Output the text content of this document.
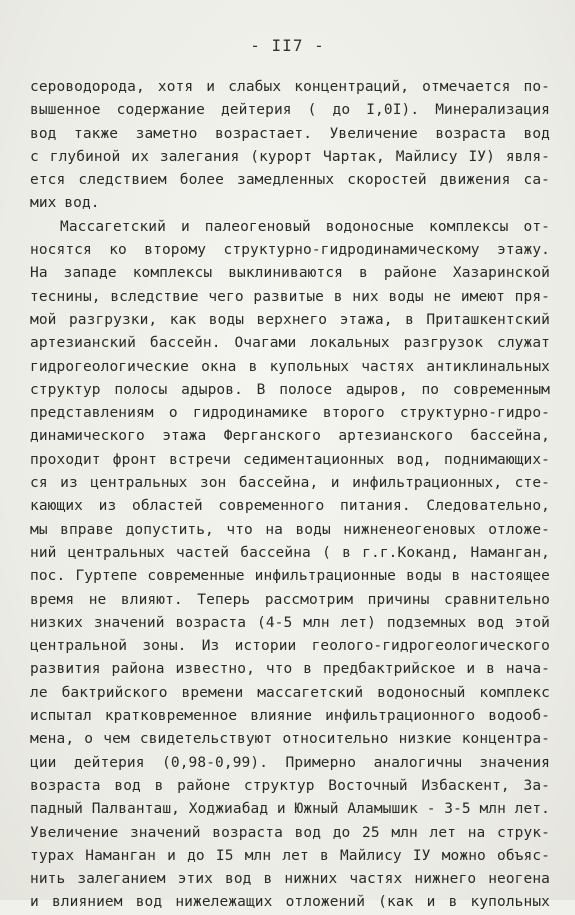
- II7 -
сероводорода, хотя и слабых концентраций, отмечается по-
вышенное содержание дейтерия ( до I,0I). Минерализация
вод также заметно возрастает. Увеличение возраста вод
с глубиной их залегания (курорт Чартак, Майлису IУ) явля-
ется следствием более замедленных скоростей движения са-
мих вод.
Массагетский и палеогеновый водоносные комплексы от-
носятся ко второму структурно-гидродинамическому этажу.
На западе комплексы выклиниваются в районе Хазаринской
теснины, вследствие чего развитые в них воды не имеют пря-
мой разгрузки, как воды верхнего этажа, в Приташкентский
артезианский бассейн. Очагами локальных разгрузок служат
гидрогеологические окна в купольных частях антиклинальных
структур полосы адыров. В полосе адыров, по современным
представлениям о гидродинамике второго структурно-гидро-
динамического этажа Ферганского артезианского бассейна,
проходит фронт встречи седиментационных вод, поднимающих-
ся из центральных зон бассейна, и инфильтрационных, сте-
кающих из областей современного питания. Следовательно,
мы вправе допустить, что на воды нижненеогеновых отложе-
ний центральных частей бассейна ( в г.г.Коканд, Наманган,
пос. Гуртепе современные инфильтрационные воды в настоящее
время не влияют. Теперь рассмотрим причины сравнительно
низких значений возраста (4-5 млн лет) подземных вод этой
центральной зоны. Из истории геолого-гидрогеологического
развития района известно, что в предбактрийское и в нача-
ле бактрийского времени массагетский водоносный комплекс
испытал кратковременное влияние инфильтрационного водооб-
мена, о чем свидетельствуют относительно низкие концентра-
ции дейтерия (0,98-0,99). Примерно аналогичны значения
возраста вод в районе структур Восточный Избаскент, За-
падный Палванташ, Ходжиабад и Южный Аламышик - 3-5 млн лет.
Увеличение значений возраста вод до 25 млн лет на струк-
турах Наманган и до I5 млн лет в Майлису IУ можно объяс-
нить залеганием этих вод в нижних частях нижнего неогена
и влиянием вод нижележащих отложений (как и в купольных
